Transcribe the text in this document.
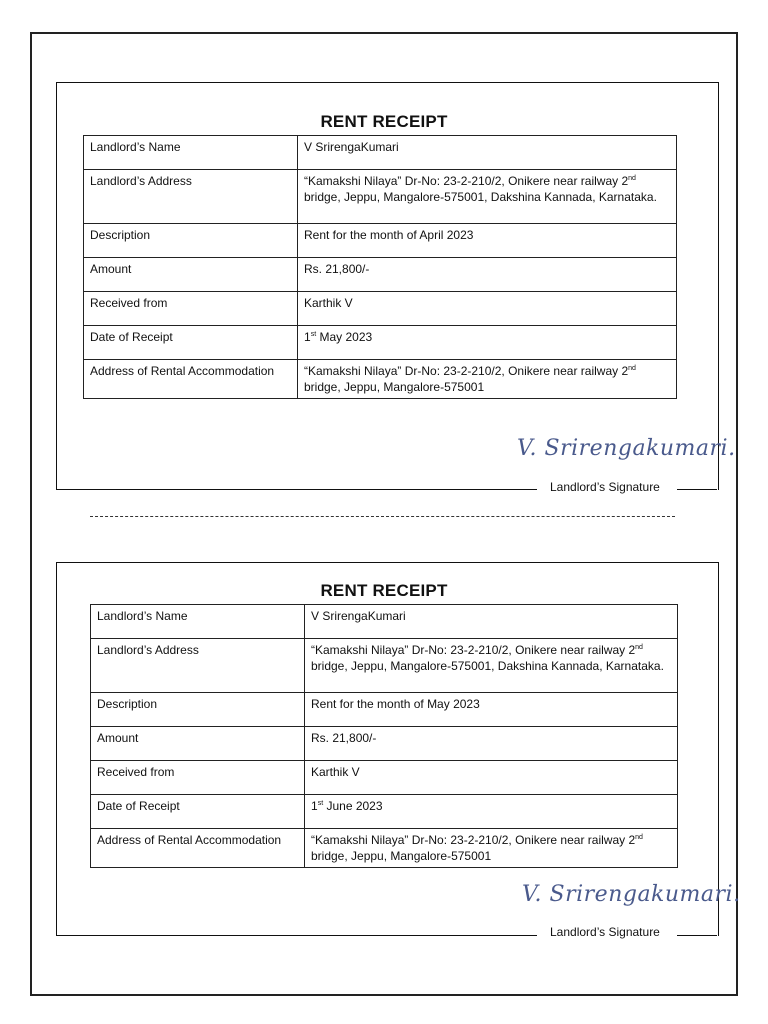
RENT RECEIPT
Landlord’s Name	V SrirengaKumari
Landlord’s Address	“Kamakshi Nilaya” Dr-No: 23-2-210/2, Onikere near railway 2nd bridge, Jeppu, Mangalore-575001, Dakshina Kannada, Karnataka.
Description	Rent for the month of April 2023
Amount	Rs. 21,800/-
Received from	Karthik V
Date of Receipt	1st May 2023
Address of Rental Accommodation	“Kamakshi Nilaya” Dr-No: 23-2-210/2, Onikere near railway 2nd bridge, Jeppu, Mangalore-575001
V. Srirengakumari.
Landlord’s Signature
RENT RECEIPT
Landlord’s Name	V SrirengaKumari
Landlord’s Address	“Kamakshi Nilaya” Dr-No: 23-2-210/2, Onikere near railway 2nd bridge, Jeppu, Mangalore-575001, Dakshina Kannada, Karnataka.
Description	Rent for the month of May 2023
Amount	Rs. 21,800/-
Received from	Karthik V
Date of Receipt	1st June 2023
Address of Rental Accommodation	“Kamakshi Nilaya” Dr-No: 23-2-210/2, Onikere near railway 2nd bridge, Jeppu, Mangalore-575001
V. Srirengakumari.
Landlord’s Signature
